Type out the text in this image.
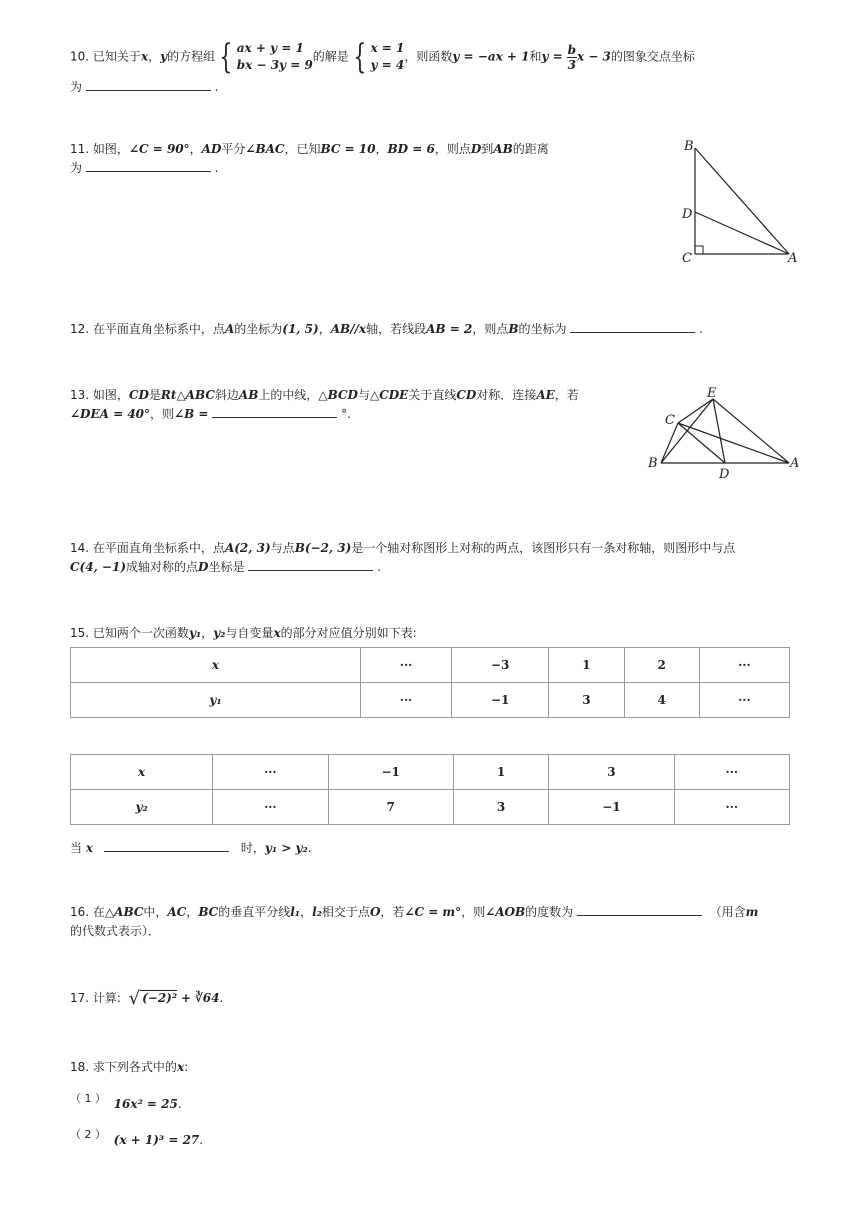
10. 已知关于x，y的方程组 { ax + y = 1
bx − 3y = 9
的解是 { x = 1
y = 4
，则函数y = −ax + 1和$y = \frac{b}{3}$ x − 3的图象交点坐标
为	.
11. 如图，∠C = 90°，AD平分∠BAC，已知BC = 10，BD = 6，则点D到AB的距离
为	.
B
D
C	A
12. 在平面直角坐标系中，点A的坐标为(1, 5)，AB//x轴，若线段AB = 2，则点B的坐标为	.
13. 如图，CD是Rt△ABC斜边AB上的中线，△BCD与△CDE关于直线CD对称．连接AE，若
∠DEA = 40°，则∠B =	°.
E
C
B
D
A
14. 在平面直角坐标系中，点A(2, 3)与点B(−2, 3)是一个轴对称图形上对称的两点，该图形只有一条对称轴，则图形中与点
C(4, −1)成轴对称的点D坐标是	.
15. 已知两个一次函数y₁，y₂与自变量x的部分对应值分别如下表:
x	···	−3	1	2	···
y₁	···	−1	3	4	···
x	···	−1	1	3	···
y₂	···	7	3	−1	···
当 x	时，y₁ > y₂.
16. 在△ABC中，AC，BC的垂直平分线l₁，l₂相交于点O，若∠C = m°，则∠AOB的度数为	（用含m
的代数式表示）．
17. 计算: √ (−2)² + ∛64.
18. 求下列各式中的x:
（ 1 ） 16x² = 25.
（ 2 ） (x + 1)³ = 27.
